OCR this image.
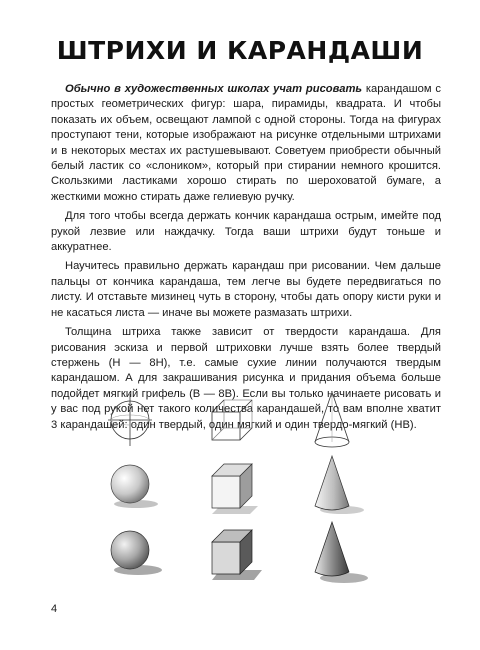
ШТРИХИ И КАРАНДАШИ

Обычно в художественных школах учат рисовать карандашом с простых геометрических фигур: шара, пирамиды, квадрата. И чтобы показать их объем, освещают лампой с одной стороны. Тогда на фигурах проступают тени, которые изображают на рисунке отдельными штрихами и в некоторых местах их растушевывают. Советуем приобрести обычный белый ластик со «слоником», который при стирании немного крошится. Скользкими ластиками хорошо стирать по шероховатой бумаге, а жесткими можно стирать даже гелиевую ручку.

Для того чтобы всегда держать кончик карандаша острым, имейте под рукой лезвие или наждачку. Тогда ваши штрихи будут тоньше и аккуратнее.

Научитесь правильно держать карандаш при рисовании. Чем дальше пальцы от кончика карандаша, тем легче вы будете передвигаться по листу. И отставьте мизинец чуть в сторону, чтобы дать опору кисти руки и не касаться листа — иначе вы можете размазать штрихи.

Толщина штриха также зависит от твердости карандаша. Для рисования эскиза и первой штриховки лучше взять более твердый стержень (Н — 8Н), т.е. самые сухие линии получаются твердым карандашом. А для закрашивания рисунка и придания объема больше подойдет мягкий грифель (В — 8В). Если вы только начинаете рисовать и у вас под рукой нет такого количества карандашей, то вам вполне хватит 3 карандашей: один твердый, один мягкий и один твердо-мягкий (НВ).

4
